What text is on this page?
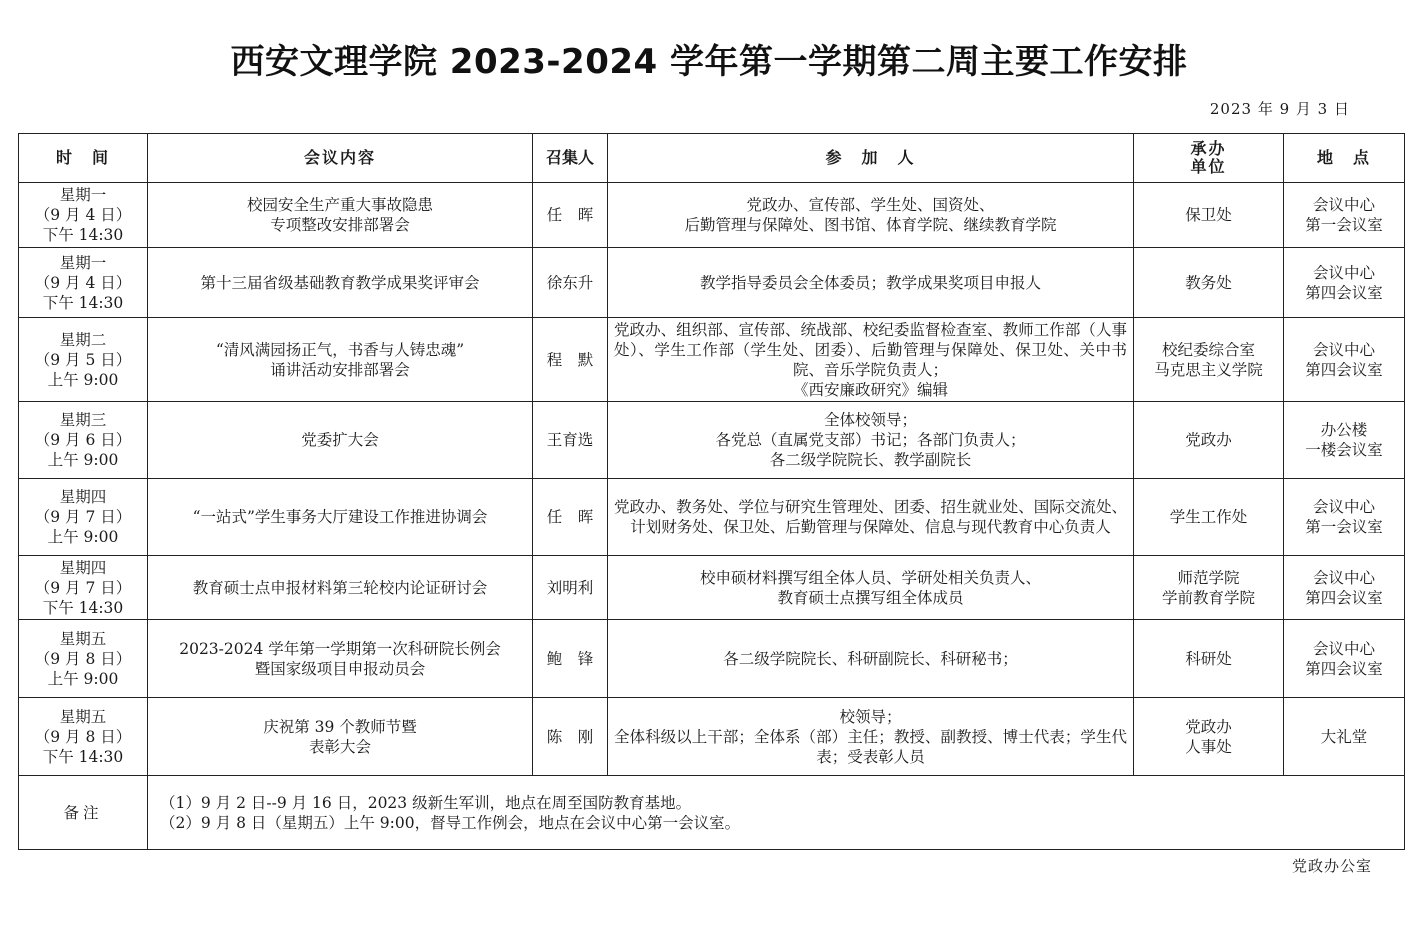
西安文理学院 2023-2024 学年第一学期第二周主要工作安排
2023 年 9 月 3 日
时　间	会议内容	召集人	参　加　人	承办
单位	地　点
星期一
（9 月 4 日）
下午 14:30	校园安全生产重大事故隐患
专项整改安排部署会	任　晖	党政办、宣传部、学生处、国资处、
后勤管理与保障处、图书馆、体育学院、继续教育学院	保卫处	会议中心
第一会议室
星期一
（9 月 4 日）
下午 14:30	第十三届省级基础教育教学成果奖评审会	徐东升	教学指导委员会全体委员；教学成果奖项目申报人	教务处	会议中心
第四会议室
星期二
（9 月 5 日）
上午 9:00	“清风满园扬正气，书香与人铸忠魂”
诵讲活动安排部署会	程　默	党政办、组织部、宣传部、统战部、校纪委监督检查室、教师工作部（人事处）、学生工作部（学生处、团委）、后勤管理与保障处、保卫处、关中书院、音乐学院负责人；
《西安廉政研究》编辑	校纪委综合室
马克思主义学院	会议中心
第四会议室
星期三
（9 月 6 日）
上午 9:00	党委扩大会	王育选	全体校领导；
各党总（直属党支部）书记；各部门负责人；
各二级学院院长、教学副院长	党政办	办公楼
一楼会议室
星期四
（9 月 7 日）
上午 9:00	“一站式”学生事务大厅建设工作推进协调会	任　晖	党政办、教务处、学位与研究生管理处、团委、招生就业处、国际交流处、计划财务处、保卫处、后勤管理与保障处、信息与现代教育中心负责人	学生工作处	会议中心
第一会议室
星期四
（9 月 7 日）
下午 14:30	教育硕士点申报材料第三轮校内论证研讨会	刘明利	校申硕材料撰写组全体人员、学研处相关负责人、
教育硕士点撰写组全体成员	师范学院
学前教育学院	会议中心
第四会议室
星期五
（9 月 8 日）
上午 9:00	2023-2024 学年第一学期第一次科研院长例会
暨国家级项目申报动员会	鲍　锋	各二级学院院长、科研副院长、科研秘书；	科研处	会议中心
第四会议室
星期五
（9 月 8 日）
下午 14:30	庆祝第 39 个教师节暨
表彰大会	陈　刚	校领导；
全体科级以上干部；全体系（部）主任；教授、副教授、博士代表；学生代表；受表彰人员	党政办
人事处	大礼堂
备注	（1）9 月 2 日--9 月 16 日，2023 级新生军训，地点在周至国防教育基地。
（2）9 月 8 日（星期五）上午 9:00，督导工作例会，地点在会议中心第一会议室。				
党政办公室
